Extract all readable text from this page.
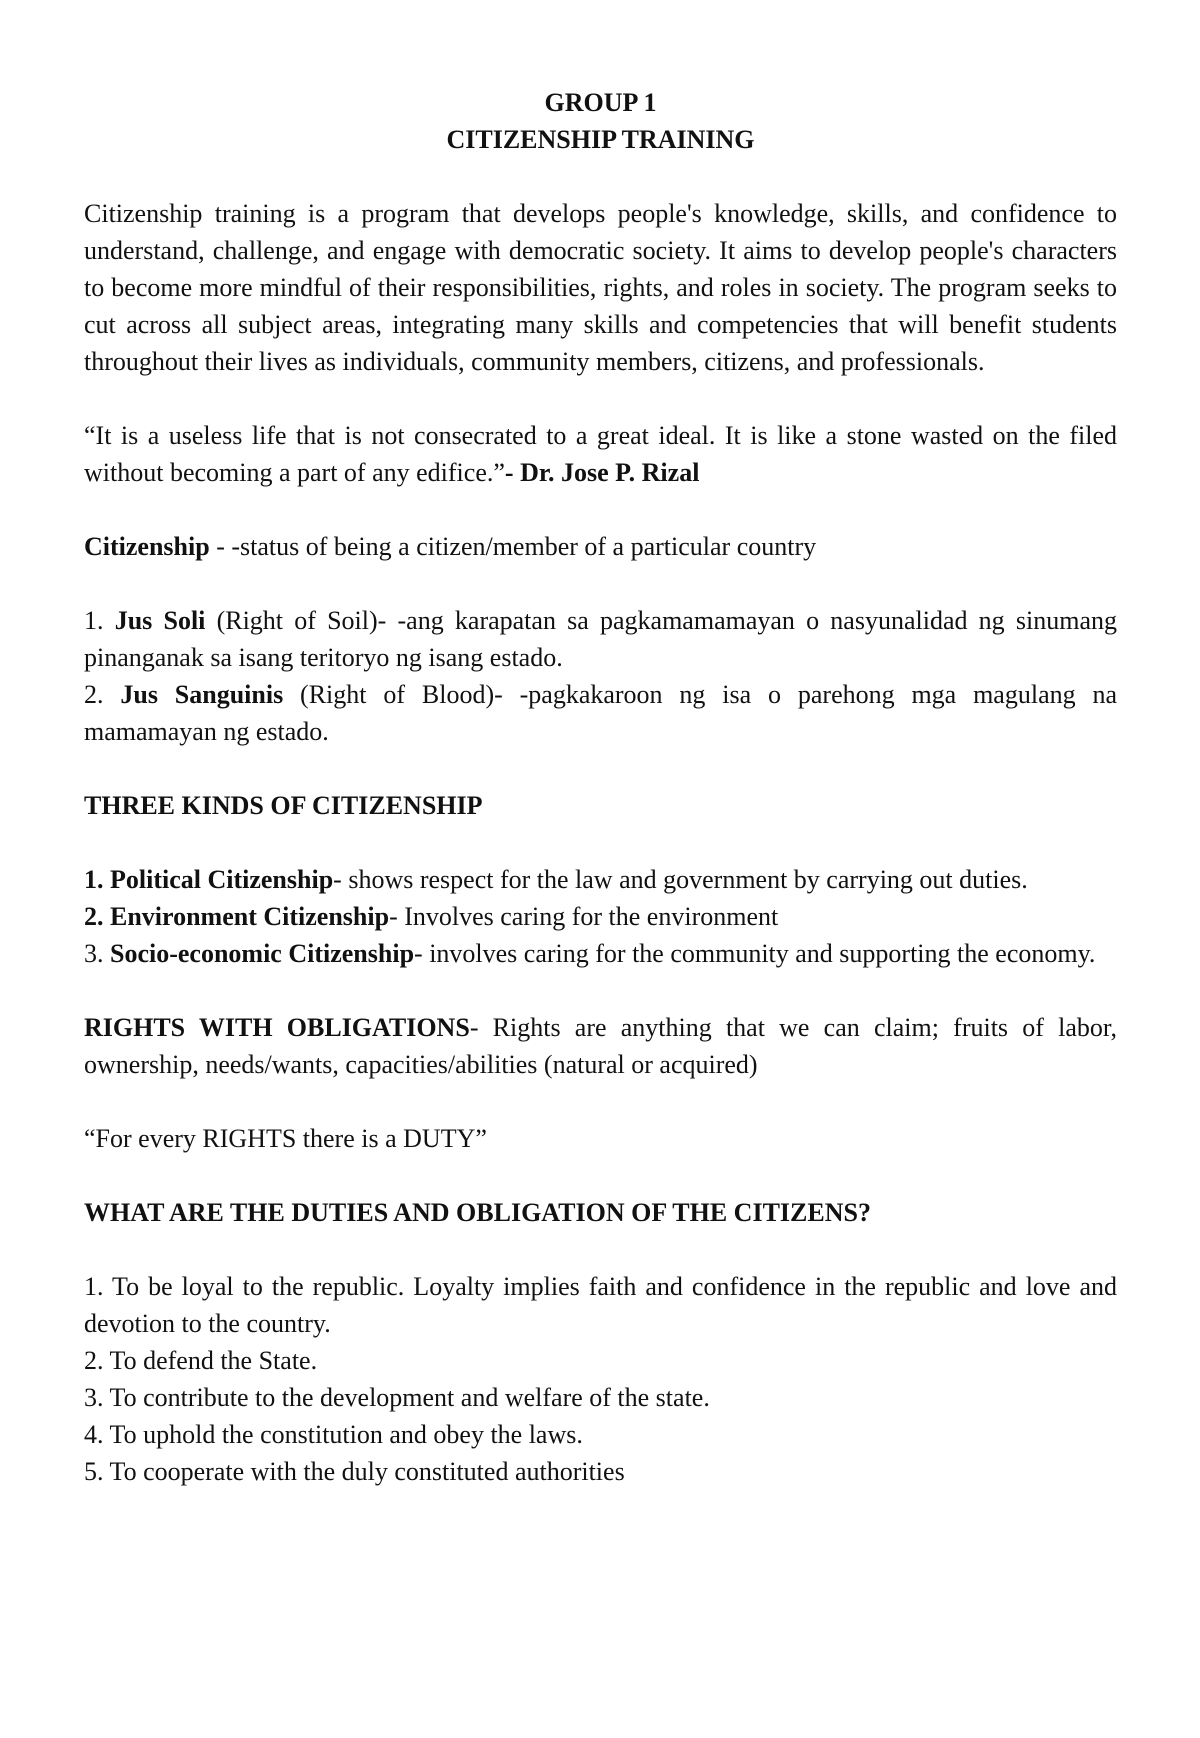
GROUP 1

CITIZENSHIP TRAINING

Citizenship training is a program that develops people's knowledge, skills, and confidence to understand, challenge, and engage with democratic society. It aims to develop people's characters to become more mindful of their responsibilities, rights, and roles in society. The program seeks to cut across all subject areas, integrating many skills and competencies that will benefit students throughout their lives as individuals, community members, citizens, and professionals.

“It is a useless life that is not consecrated to a great ideal. It is like a stone wasted on the filed without becoming a part of any edifice.”- Dr. Jose P. Rizal

Citizenship - -status of being a citizen/member of a particular country

1. Jus Soli (Right of Soil)- -ang karapatan sa pagkamamamayan o nasyunalidad ng sinumang pinanganak sa isang teritoryo ng isang estado.

2. Jus Sanguinis (Right of Blood)- -pagkakaroon ng isa o parehong mga magulang na mamamayan ng estado.

THREE KINDS OF CITIZENSHIP

1. Political Citizenship- shows respect for the law and government by carrying out duties.

2. Environment Citizenship- Involves caring for the environment

3. Socio-economic Citizenship- involves caring for the community and supporting the economy.

RIGHTS WITH OBLIGATIONS- Rights are anything that we can claim; fruits of labor, ownership, needs/wants, capacities/abilities (natural or acquired)

“For every RIGHTS there is a DUTY”

WHAT ARE THE DUTIES AND OBLIGATION OF THE CITIZENS?

1. To be loyal to the republic. Loyalty implies faith and confidence in the republic and love and devotion to the country.

2. To defend the State.

3. To contribute to the development and welfare of the state.

4. To uphold the constitution and obey the laws.

5. To cooperate with the duly constituted authorities
